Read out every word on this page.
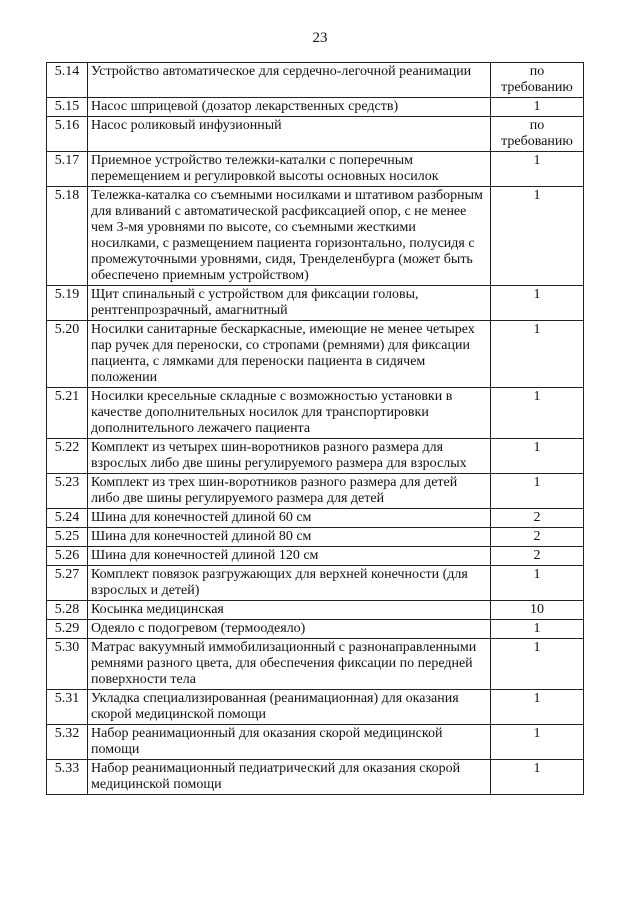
23
5.14	Устройство автоматическое для сердечно-легочной реанимации	по требованию
5.15	Насос шприцевой (дозатор лекарственных средств)	1
5.16	Насос роликовый инфузионный	по требованию
5.17	Приемное устройство тележки-каталки с поперечным перемещением и регулировкой высоты основных носилок	1
5.18	Тележка-каталка со съемными носилками и штативом разборным для вливаний с автоматической расфиксацией опор, с не менее чем 3-мя уровнями по высоте, со съемными жесткими носилками, с размещением пациента горизонтально, полусидя с промежуточными уровнями, сидя, Тренделенбурга (может быть обеспечено приемным устройством)	1
5.19	Щит спинальный с устройством для фиксации головы, рентгенпрозрачный, амагнитный	1
5.20	Носилки санитарные бескаркасные, имеющие не менее четырех пар ручек для переноски, со стропами (ремнями) для фиксации пациента, с лямками для переноски пациента в сидячем положении	1
5.21	Носилки кресельные складные с возможностью установки в качестве дополнительных носилок для транспортировки дополнительного лежачего пациента	1
5.22	Комплект из четырех шин-воротников разного размера для взрослых либо две шины регулируемого размера для взрослых	1
5.23	Комплект из трех шин-воротников разного размера для детей либо две шины регулируемого размера для детей	1
5.24	Шина для конечностей длиной 60 см	2
5.25	Шина для конечностей длиной 80 см	2
5.26	Шина для конечностей длиной 120 см	2
5.27	Комплект повязок разгружающих для верхней конечности (для взрослых и детей)	1
5.28	Косынка медицинская	10
5.29	Одеяло с подогревом (термоодеяло)	1
5.30	Матрас вакуумный иммобилизационный с разнонаправленными ремнями разного цвета, для обеспечения фиксации по передней поверхности тела	1
5.31	Укладка специализированная (реанимационная) для оказания скорой медицинской помощи	1
5.32	Набор реанимационный для оказания скорой медицинской помощи	1
5.33	Набор реанимационный педиатрический для оказания скорой медицинской помощи	1
